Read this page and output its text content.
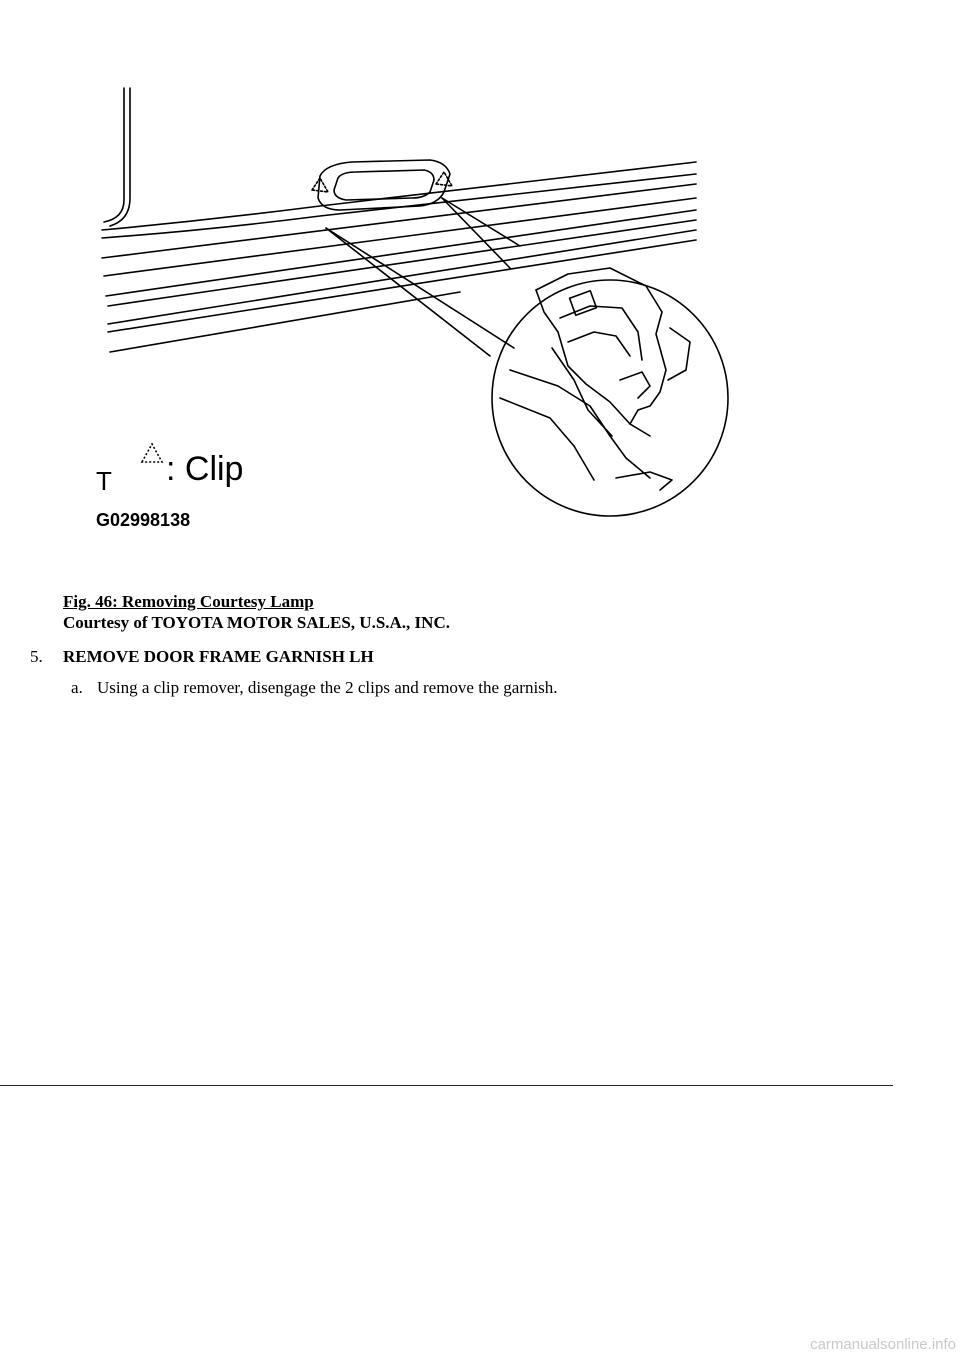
: Clip
T
G02998138
Fig. 46: Removing Courtesy Lamp
Courtesy of TOYOTA MOTOR SALES, U.S.A., INC.
5. REMOVE DOOR FRAME GARNISH LH
a. Using a clip remover, disengage the 2 clips and remove the garnish.
carmanualsonline.info
